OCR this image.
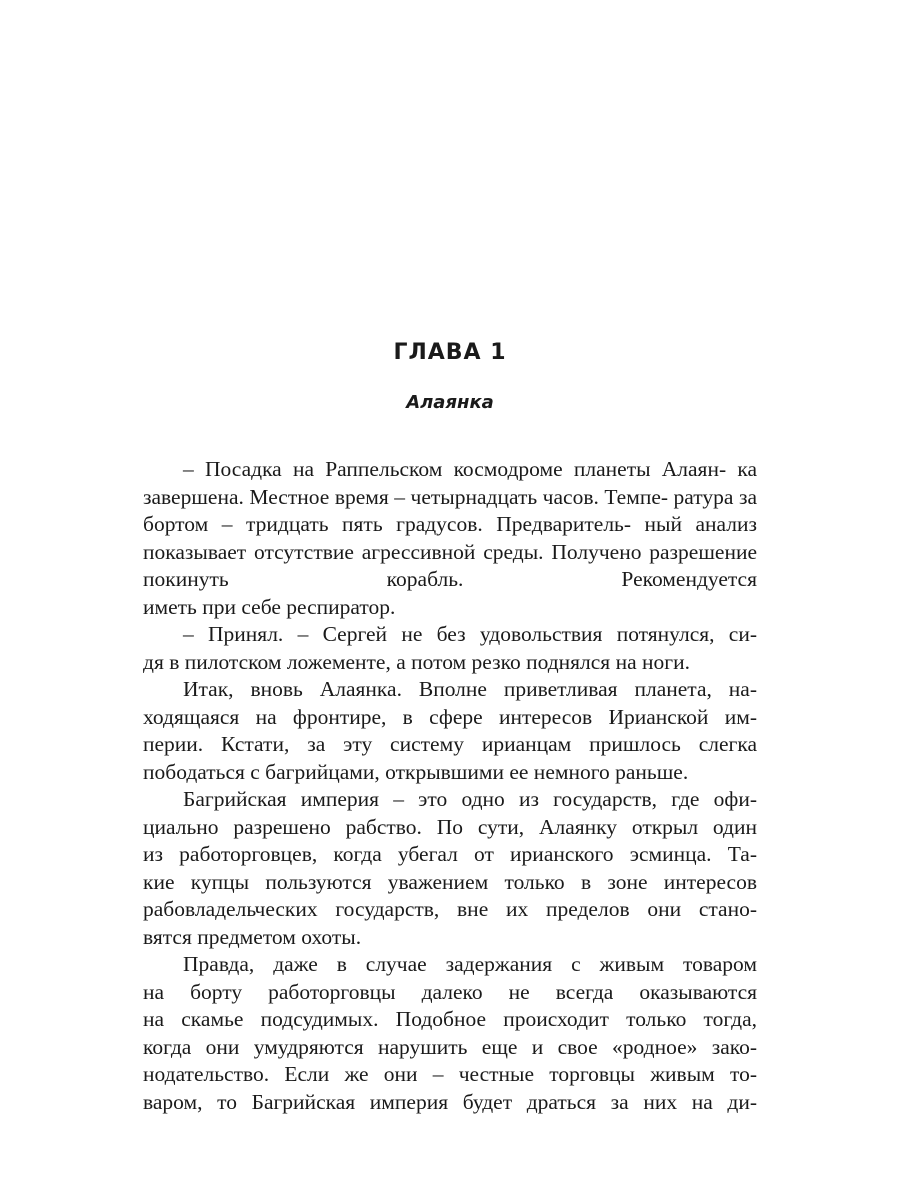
ГЛАВА 1
Алаянка

– Посадка на Раппельском космодроме планеты Алаян- ка завершена. Местное время – четырнадцать часов. Темпе- ратура за бортом – тридцать пять градусов. Предваритель- ный анализ показывает отсутствие агрессивной среды. Получено разрешение покинуть корабль. Рекомендуется

иметь при себе респиратор.

– Принял. – Сергей не без удовольствия потянулся, си-

дя в пилотском ложементе, а потом резко поднялся на ноги.

Итак, вновь Алаянка. Вполне приветливая планета, на-

ходящаяся на фронтире, в сфере интересов Ирианской им-

перии. Кстати, за эту систему ирианцам пришлось слегка

пободаться с багрийцами, открывшими ее немного раньше.

Багрийская империя – это одно из государств, где офи-

циально разрешено рабство. По сути, Алаянку открыл один

из работорговцев, когда убегал от ирианского эсминца. Та-

кие купцы пользуются уважением только в зоне интересов

рабовладельческих государств, вне их пределов они стано-

вятся предметом охоты.

Правда, даже в случае задержания с живым товаром

на борту работорговцы далеко не всегда оказываются

на скамье подсудимых. Подобное происходит только тогда,

когда они умудряются нарушить еще и свое «родное» зако-

нодательство. Если же они – честные торговцы живым то-

варом, то Багрийская империя будет драться за них на ди-
